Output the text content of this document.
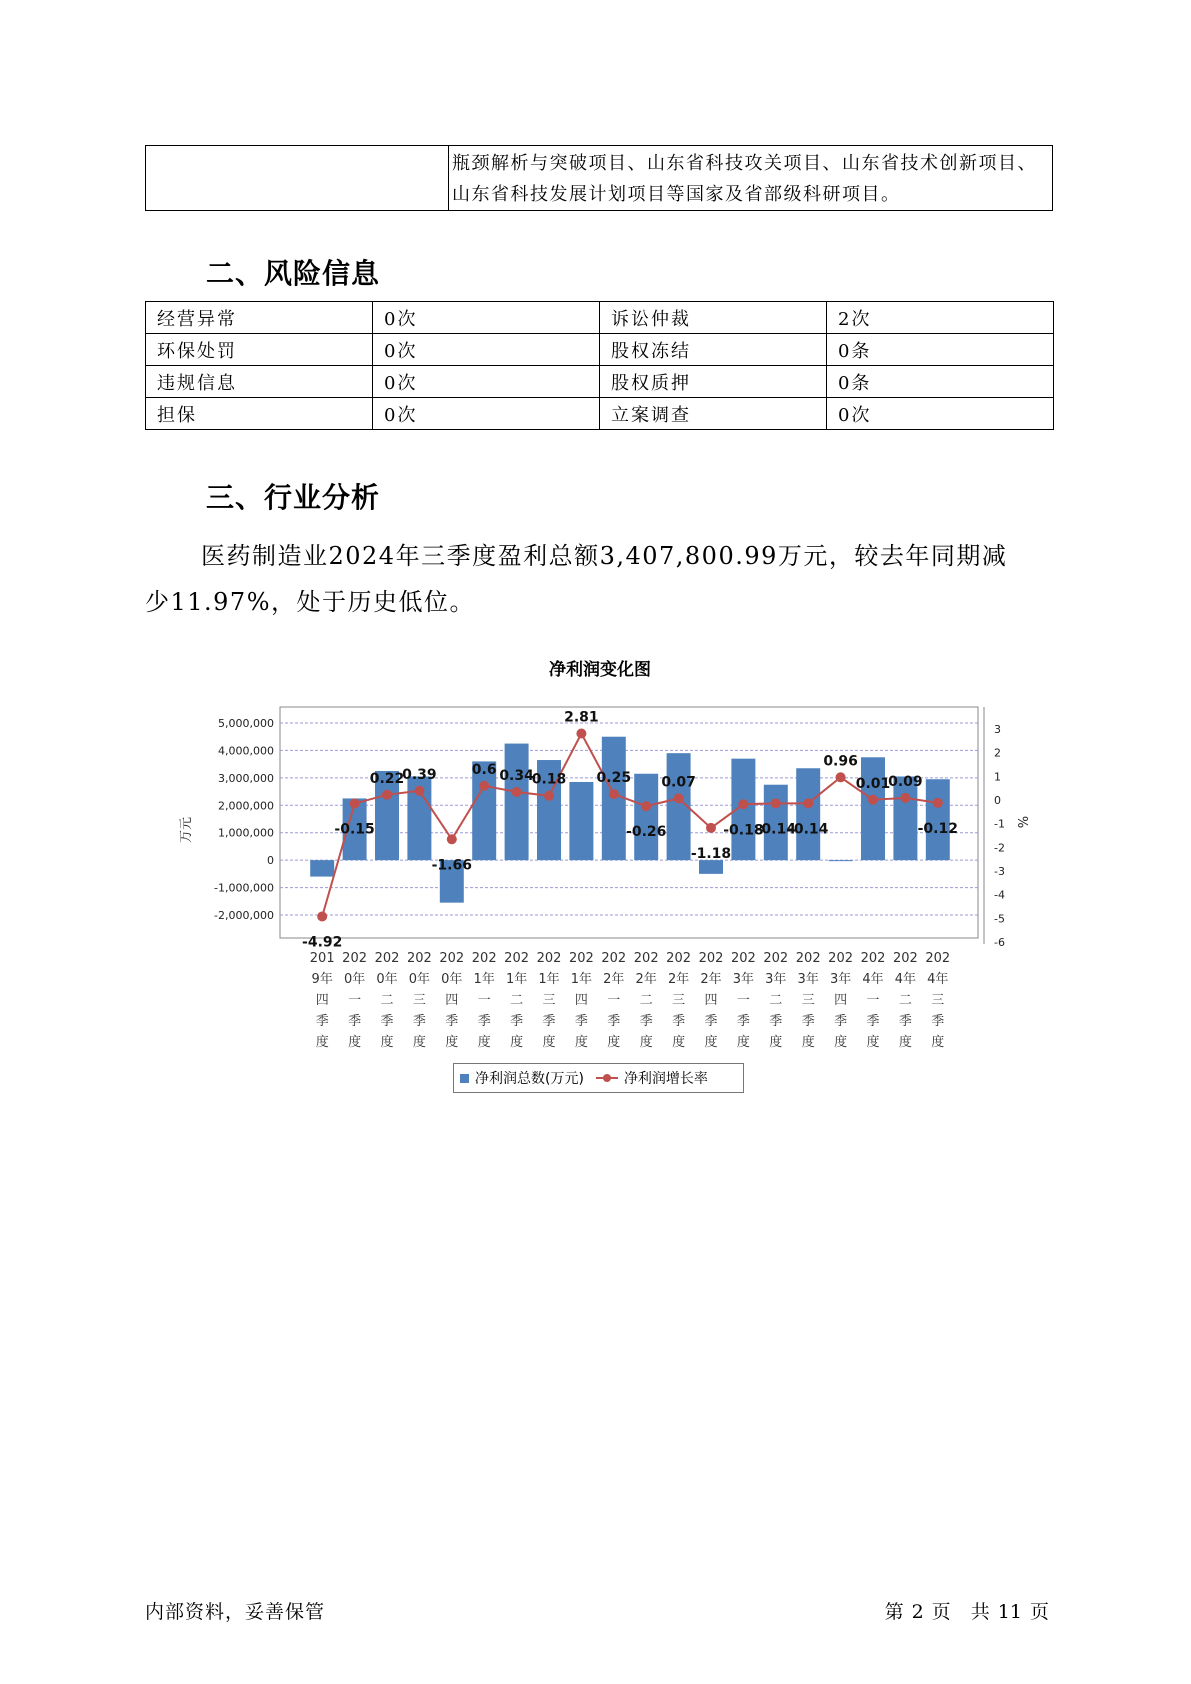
瓶颈解析与突破项目、山东省科技攻关项目、山东省技术创新项目、
山东省科技发展计划项目等国家及省部级科研项目。
二、风险信息
经营异常	0次	诉讼仲裁	2次
环保处罚	0次	股权冻结	0条
违规信息	0次	股权质押	0条
担保	0次	立案调查	0次
三、行业分析
医药制造业2024年三季度盈利总额3,407,800.99万元，较去年同期减
少11.97%，处于历史低位。
净利润变化图
5,000,000
4,000,000
3,000,000
2,000,000
1,000,000
0
-1,000,000
-2,000,000
3
2
1
0
-1
-2
-3
-4
-5
-6
万元	%
-4.92
-0.15
0.22
0.39
-1.66
0.6 0.34
0.18
2.81
0.25
-0.26
0.07
-1.18
-0.18
-0.14
-0.14
0.96
0.01
0.09
-0.12
201 9年四季度
202 0年一季度
202 0年二季度
202 0年三季度
202 0年四季度
202 1年一季度
202 1年二季度
202 1年三季度
202 1年四季度
202 2年一季度
202 2年二季度
202 2年三季度
202 2年四季度
202 3年一季度
202 3年二季度
202 3年三季度
202 3年四季度
202 4年一季度
202 4年二季度
202 4年三季度
净利润总数(万元)	净利润增长率
内部资料，妥善保管	第 2 页 共 11 页
